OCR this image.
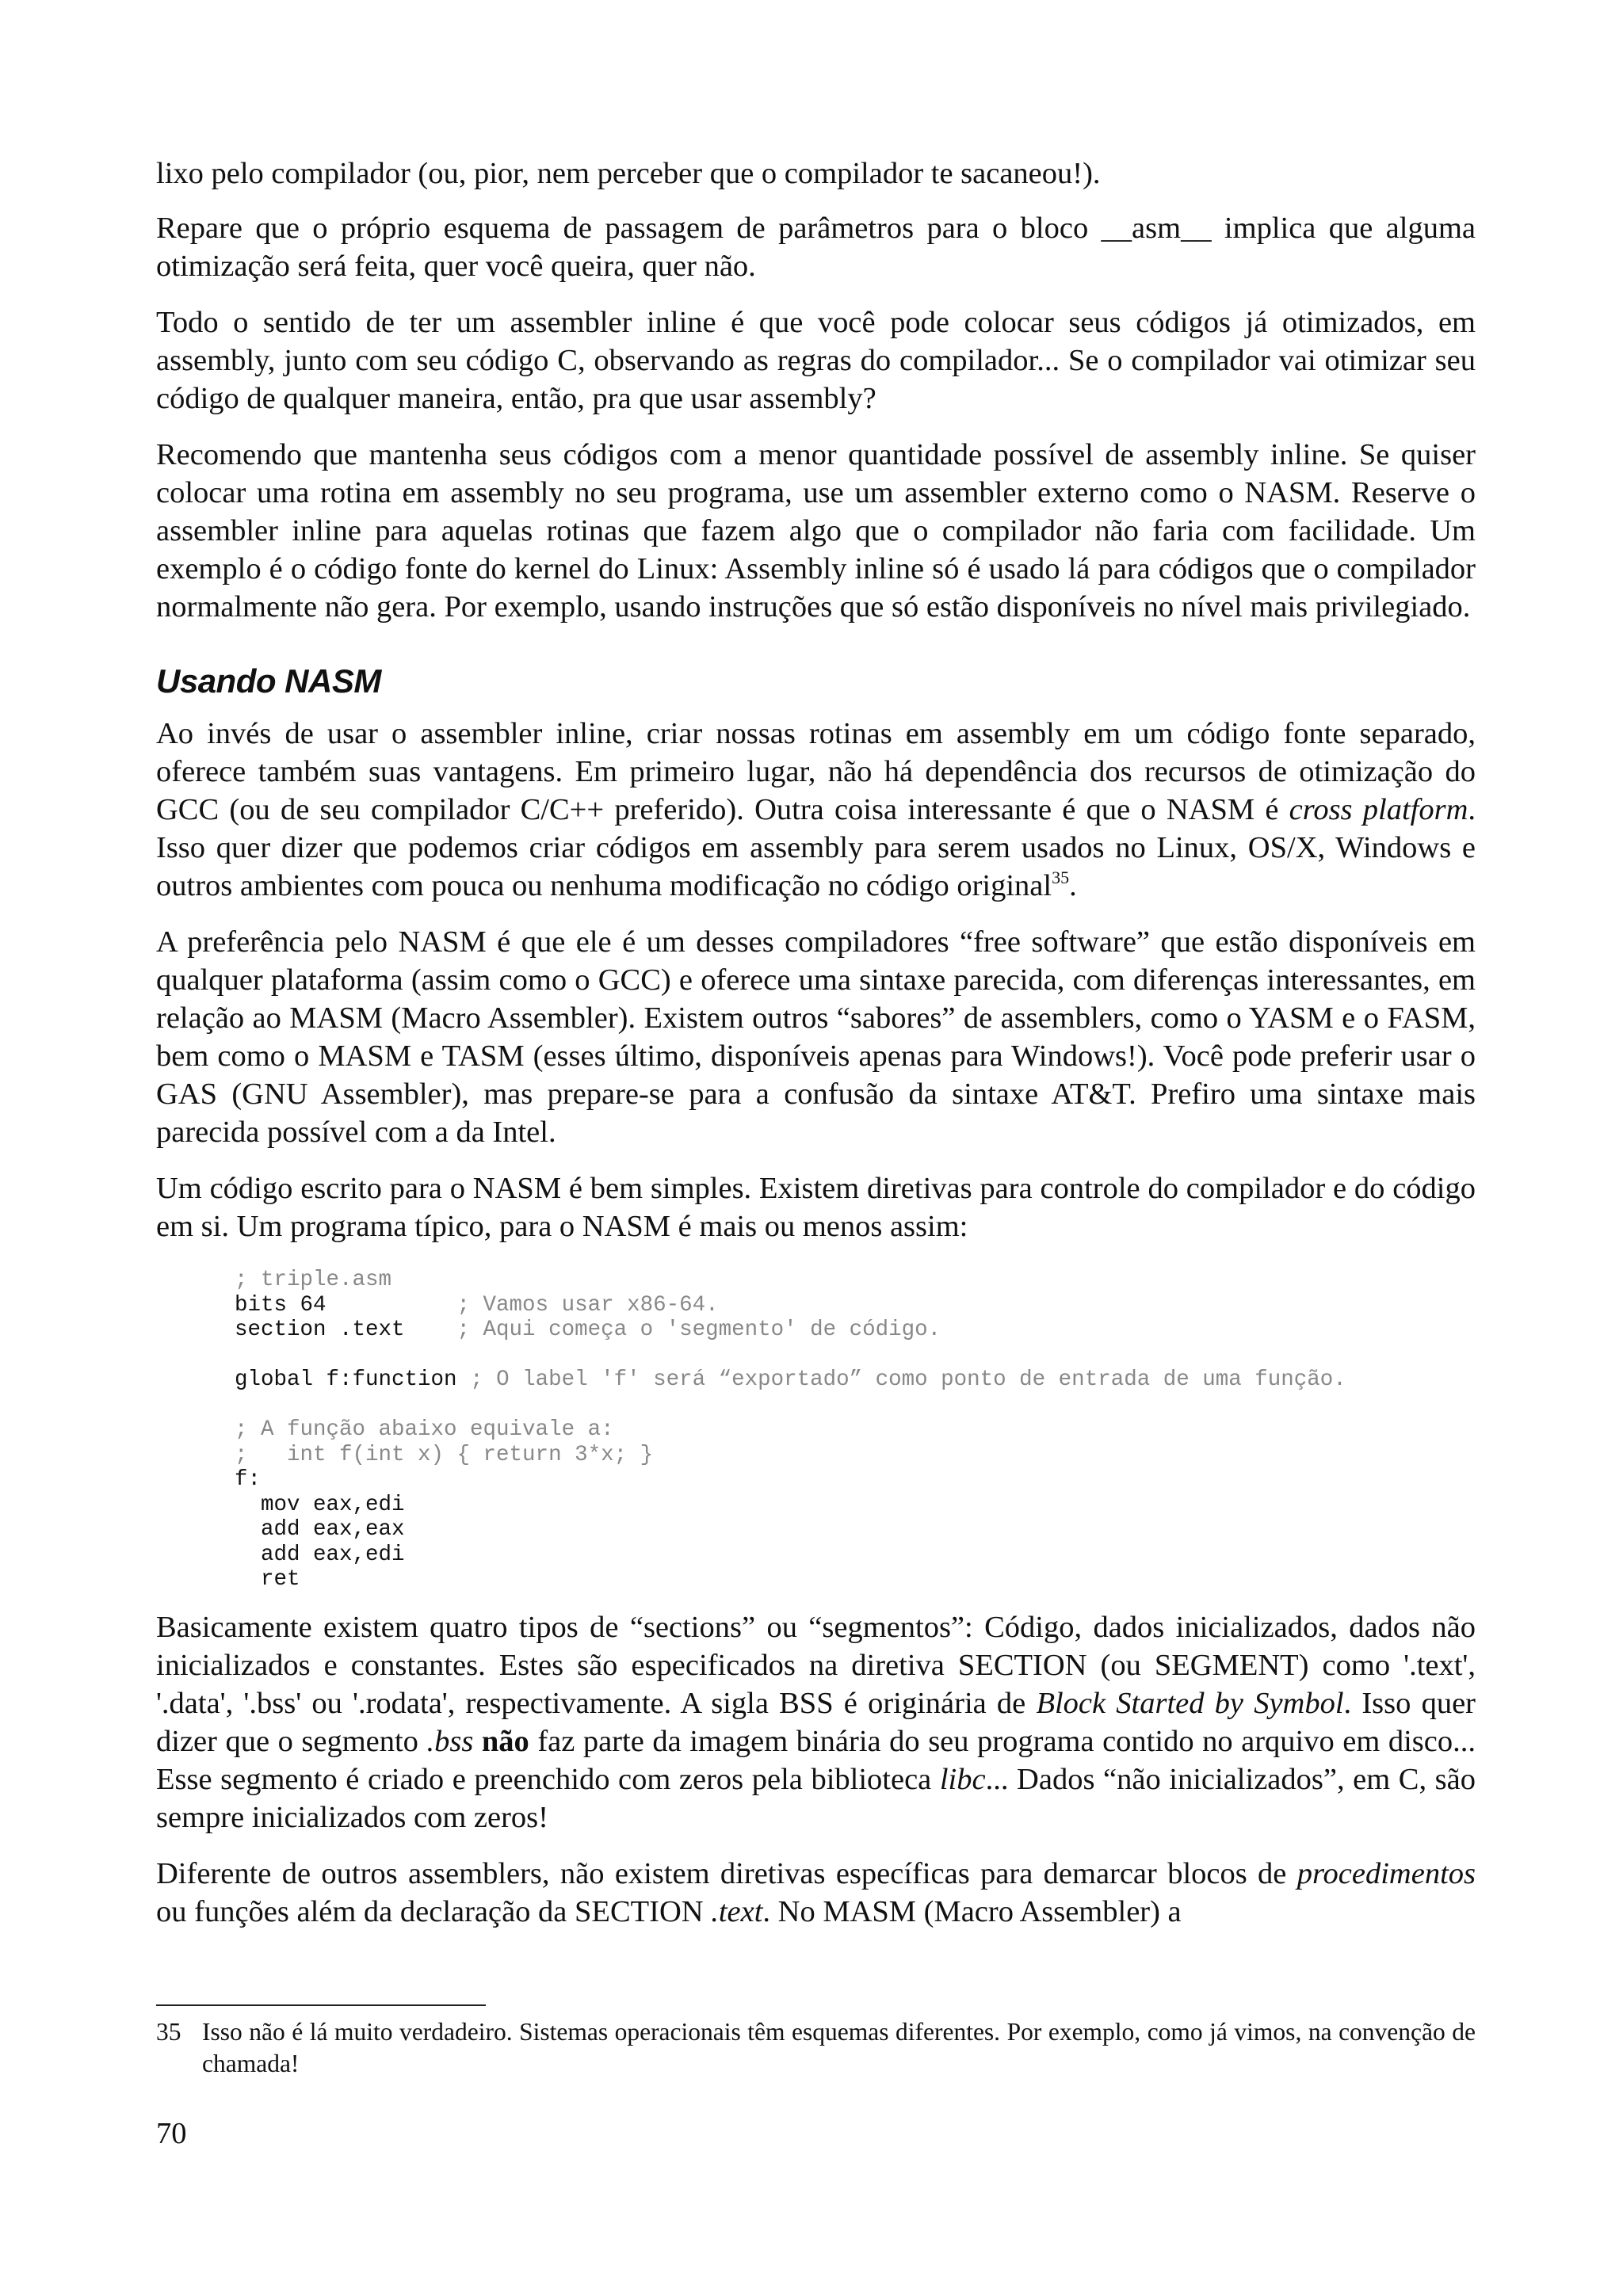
lixo pelo compilador (ou, pior, nem perceber que o compilador te sacaneou!).

Repare que o próprio esquema de passagem de parâmetros para o bloco __asm__ implica que alguma otimização será feita, quer você queira, quer não.

Todo o sentido de ter um assembler inline é que você pode colocar seus códigos já otimizados, em assembly, junto com seu código C, observando as regras do compilador... Se o compilador vai otimizar seu código de qualquer maneira, então, pra que usar assembly?

Recomendo que mantenha seus códigos com a menor quantidade possível de assembly inline. Se quiser colocar uma rotina em assembly no seu programa, use um assembler externo como o NASM. Reserve o assembler inline para aquelas rotinas que fazem algo que o compilador não faria com facilidade. Um exemplo é o código fonte do kernel do Linux: Assembly inline só é usado lá para códigos que o compilador normalmente não gera. Por exemplo, usando instruções que só estão disponíveis no nível mais privilegiado.

Usando NASM

Ao invés de usar o assembler inline, criar nossas rotinas em assembly em um código fonte separado, oferece também suas vantagens. Em primeiro lugar, não há dependência dos recursos de otimização do GCC (ou de seu compilador C/C++ preferido). Outra coisa interessante é que o NASM é cross platform. Isso quer dizer que podemos criar códigos em assembly para serem usados no Linux, OS/X, Windows e outros ambientes com pouca ou nenhuma modificação no código original$^{35}$.

A preferência pelo NASM é que ele é um desses compiladores “free software” que estão disponíveis em qualquer plataforma (assim como o GCC) e oferece uma sintaxe parecida, com diferenças interessantes, em relação ao MASM (Macro Assembler). Existem outros “sabores” de assemblers, como o YASM e o FASM, bem como o MASM e TASM (esses último, disponíveis apenas para Windows!). Você pode preferir usar o GAS (GNU Assembler), mas prepare-se para a confusão da sintaxe AT&T. Prefiro uma sintaxe mais parecida possível com a da Intel.

Um código escrito para o NASM é bem simples. Existem diretivas para controle do compilador e do código em si. Um programa típico, para o NASM é mais ou menos assim:

; triple.asm
bits 64          ; Vamos usar x86-64.
section .text    ; Aqui começa o 'segmento' de código.
global f:function ; O label 'f' será “exportado” como ponto de entrada de uma função.
; A função abaixo equivale a:
;   int f(int x) { return 3*x; }
f:
mov eax,edi
add eax,eax
add eax,edi
ret

Basicamente existem quatro tipos de “sections” ou “segmentos”: Código, dados inicializados, dados não inicializados e constantes. Estes são especificados na diretiva SECTION (ou SEGMENT) como '.text', '.data', '.bss' ou '.rodata', respectivamente. A sigla BSS é originária de Block Started by Symbol. Isso quer dizer que o segmento .bss não faz parte da imagem binária do seu programa contido no arquivo em disco... Esse segmento é criado e preenchido com zeros pela biblioteca libc... Dados “não inicializados”, em C, são sempre inicializados com zeros!

Diferente de outros assemblers, não existem diretivas específicas para demarcar blocos de procedimentos ou funções além da declaração da SECTION .text. No MASM (Macro Assembler) a

35 Isso não é lá muito verdadeiro. Sistemas operacionais têm esquemas diferentes. Por exemplo, como já vimos, na convenção de chamada!
70
